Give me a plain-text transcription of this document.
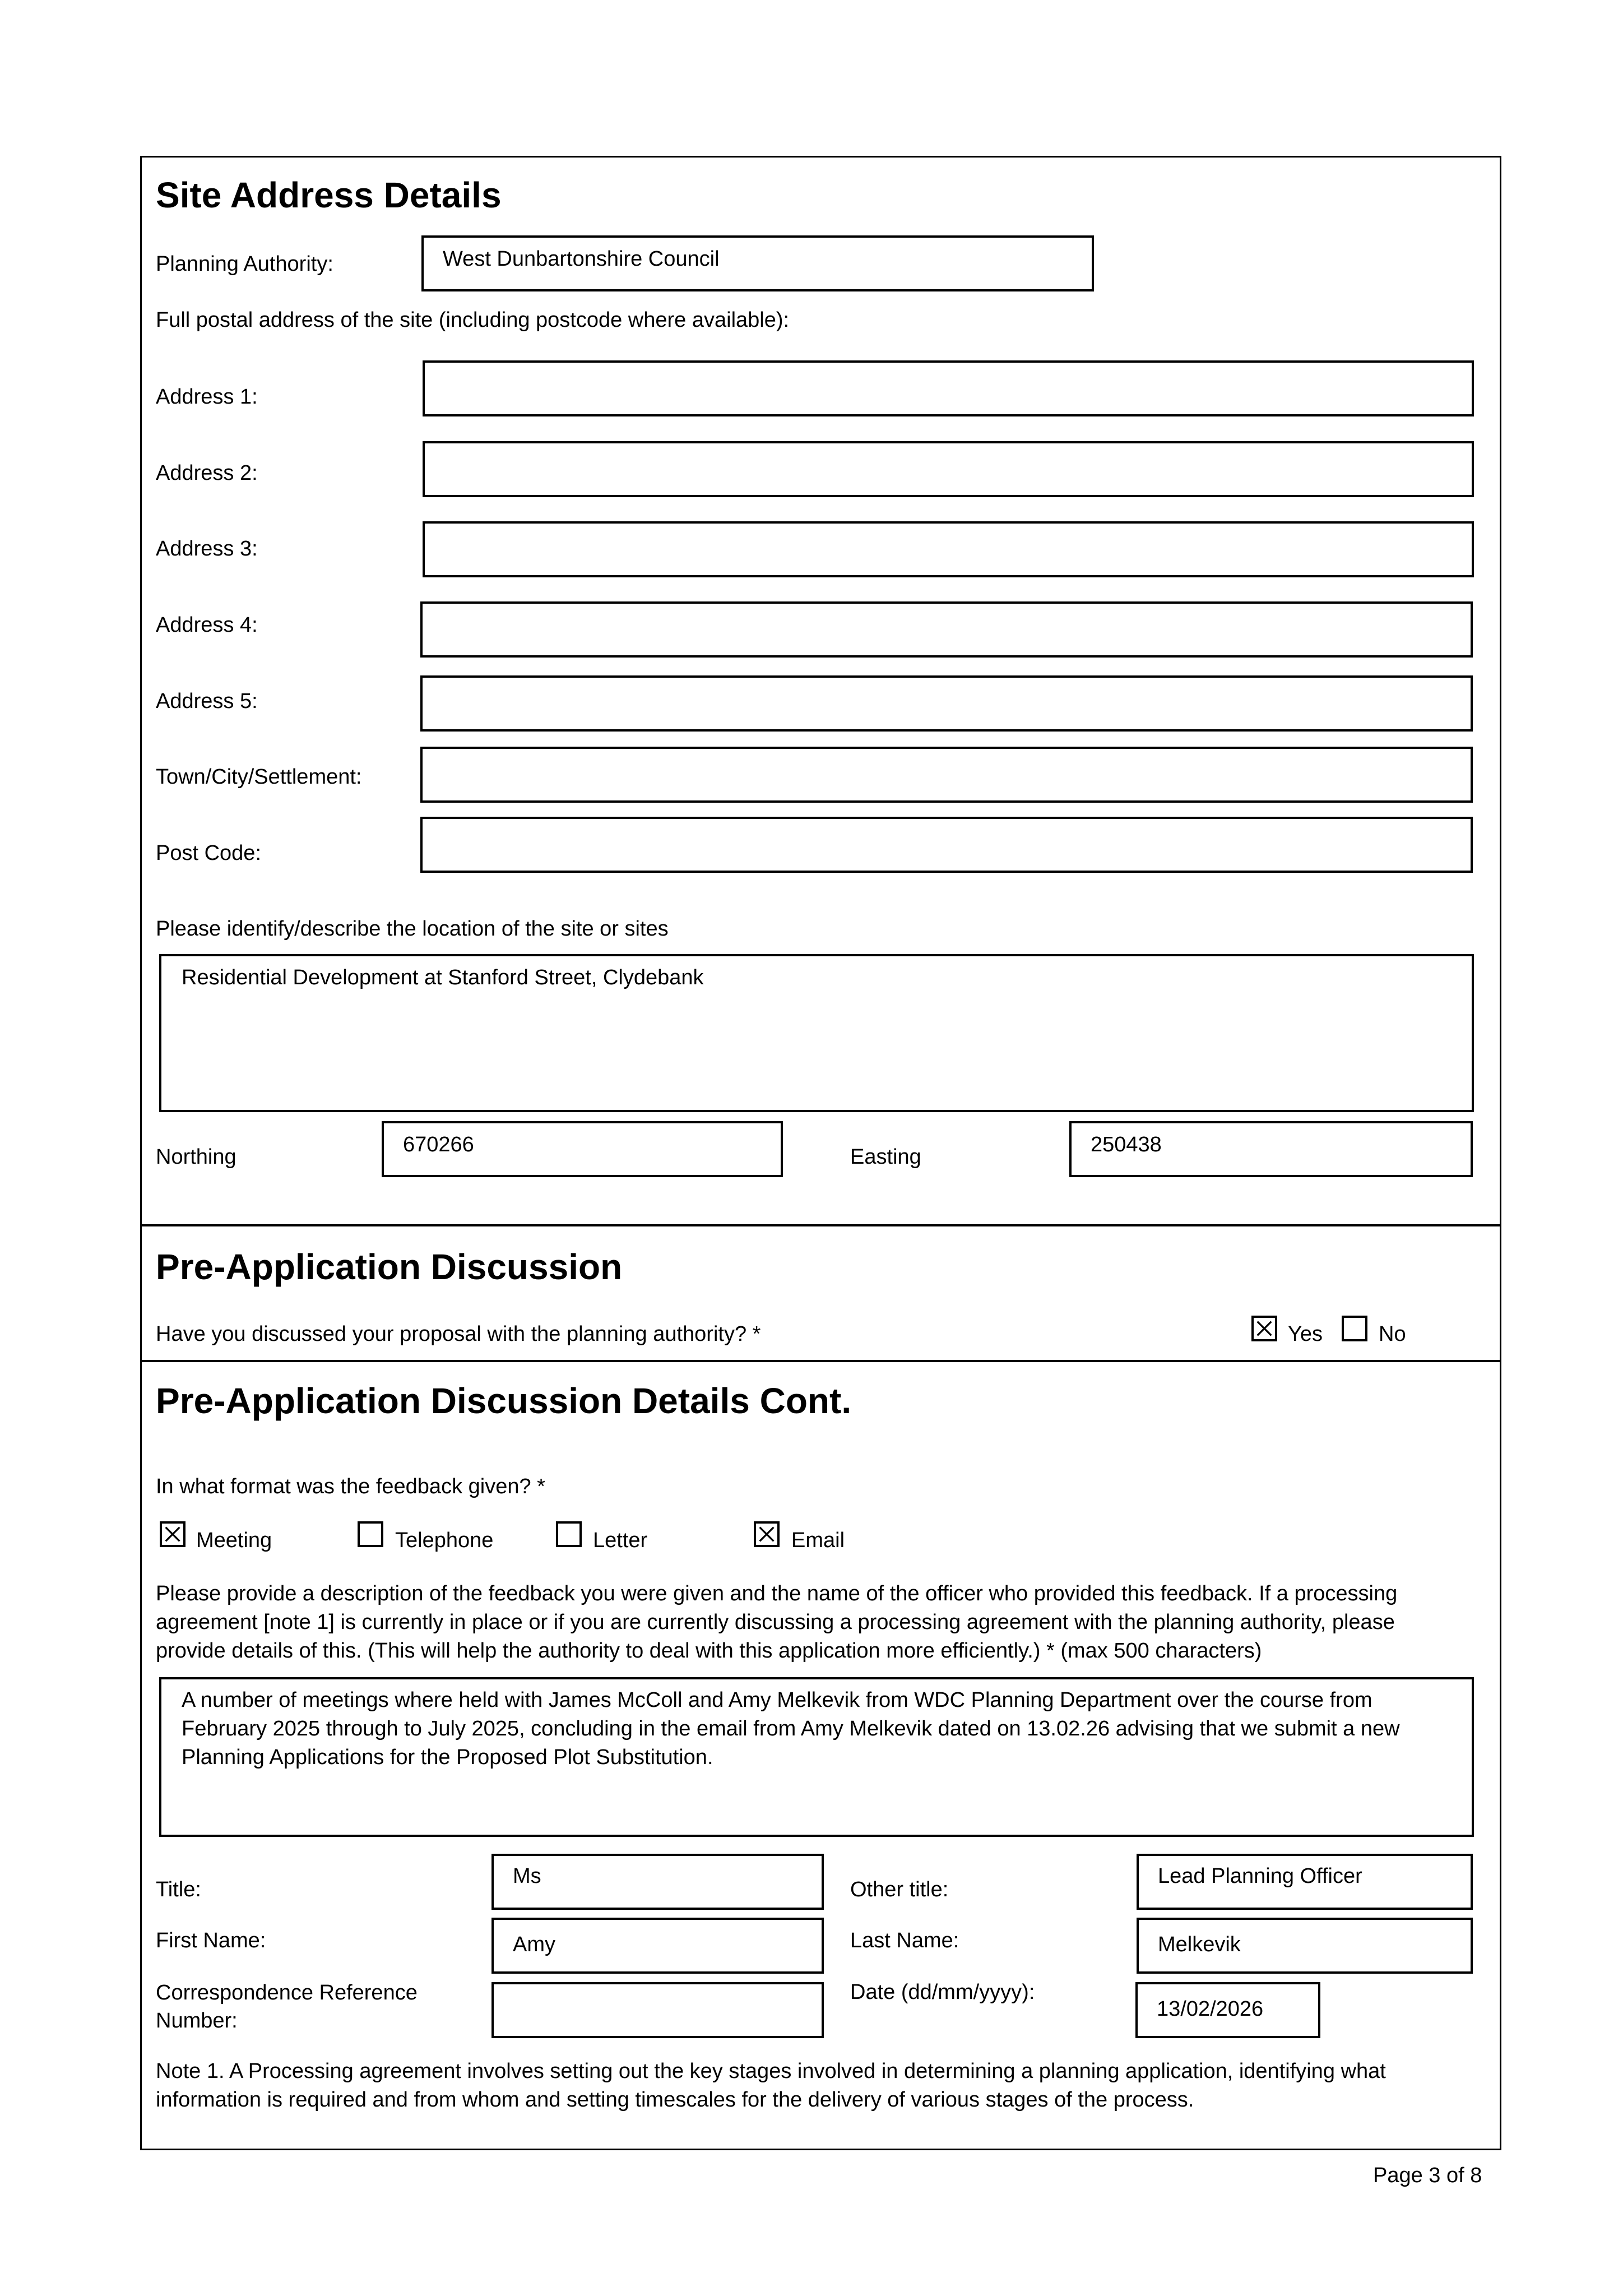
Site Address Details
Planning Authority:	West Dunbartonshire Council
Full postal address of the site (including postcode where available):
Address 1:
Address 2:
Address 3:
Address 4:
Address 5:
Town/City/Settlement:
Post Code:
Please identify/describe the location of the site or sites
Residential Development at Stanford Street, Clydebank
Northing
670266
Easting
250438
Pre-Application Discussion
Have you discussed your proposal with the planning authority? *	Yes	No
Pre-Application Discussion Details Cont.
In what format was the feedback given? *
Meeting	Telephone	Letter	Email
Please provide a description of the feedback you were given and the name of the officer who provided this feedback. If a processing agreement [note 1] is currently in place or if you are currently discussing a processing agreement with the planning authority, please provide details of this. (This will help the authority to deal with this application more efficiently.) * (max 500 characters)
A number of meetings where held with James McColl and Amy Melkevik from WDC Planning Department over the course from February 2025 through to July 2025, concluding in the email from Amy Melkevik dated on 13.02.26 advising that we submit a new Planning Applications for the Proposed Plot Substitution.
Title:
Ms
Other title:
Lead Planning Officer
First Name:	Amy	Last Name:	Melkevik
Correspondence Reference
Number:
Date (dd/mm/yyyy):
13/02/2026
Note 1. A Processing agreement involves setting out the key stages involved in determining a planning application, identifying what information is required and from whom and setting timescales for the delivery of various stages of the process.
Page 3 of 8
